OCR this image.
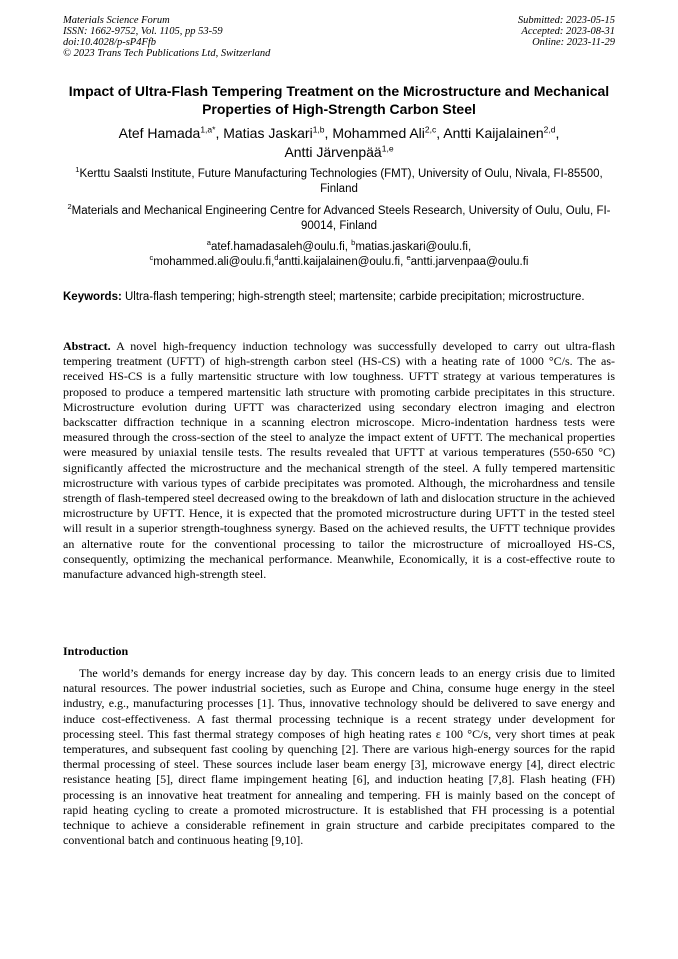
Materials Science Forum
ISSN: 1662-9752, Vol. 1105, pp 53-59
doi:10.4028/p-sP4Ffb
© 2023 Trans Tech Publications Ltd, Switzerland
Submitted: 2023-05-15
Accepted: 2023-08-31
Online: 2023-11-29
Impact of Ultra-Flash Tempering Treatment on the Microstructure and Mechanical Properties of High-Strength Carbon Steel
Atef Hamada$^{1,a*}$, Matias Jaskari$^{1,b}$, Mohammed Ali$^{2,c}$, Antti Kaijalainen$^{2,d}$,
Antti Järvenpää$^{1,e}$
$^1$Kerttu Saalsti Institute, Future Manufacturing Technologies (FMT), University of Oulu, Nivala, FI-85500, Finland
$^2$Materials and Mechanical Engineering Centre for Advanced Steels Research, University of Oulu, Oulu, FI-90014, Finland
$^a$atef.hamadasaleh@oulu.fi, $^b$matias.jaskari@oulu.fi,
$^c$mohammed.ali@oulu.fi,$^d$antti.kaijalainen@oulu.fi, $^e$antti.jarvenpaa@oulu.fi
Keywords: Ultra-flash tempering; high-strength steel; martensite; carbide precipitation; microstructure.
Abstract. A novel high-frequency induction technology was successfully developed to carry out ultra-flash tempering treatment (UFTT) of high-strength carbon steel (HS-CS) with a heating rate of 1000 °C/s. The as-received HS-CS is a fully martensitic structure with low toughness. UFTT strategy at various temperatures is proposed to produce a tempered martensitic lath structure with promoting carbide precipitates in this structure. Microstructure evolution during UFTT was characterized using secondary electron imaging and electron backscatter diffraction technique in a scanning electron microscope. Micro-indentation hardness tests were measured through the cross-section of the steel to analyze the impact extent of UFTT. The mechanical properties were measured by uniaxial tensile tests. The results revealed that UFTT at various temperatures (550-650 °C) significantly affected the microstructure and the mechanical strength of the steel. A fully tempered martensitic microstructure with various types of carbide precipitates was promoted. Although, the microhardness and tensile strength of flash-tempered steel decreased owing to the breakdown of lath and dislocation structure in the achieved microstructure by UFTT. Hence, it is expected that the promoted microstructure during UFTT in the tested steel will result in a superior strength-toughness synergy. Based on the achieved results, the UFTT technique provides an alternative route for the conventional processing to tailor the microstructure of microalloyed HS-CS, consequently, optimizing the mechanical performance. Meanwhile, Economically, it is a cost-effective route to manufacture advanced high-strength steel.
Introduction
The world’s demands for energy increase day by day. This concern leads to an energy crisis due to limited natural resources. The power industrial societies, such as Europe and China, consume huge energy in the steel industry, e.g., manufacturing processes [1]. Thus, innovative technology should be delivered to save energy and induce cost-effectiveness. A fast thermal processing technique is a recent strategy under development for processing steel. This fast thermal strategy composes of high heating rates ε 100 °C/s, very short times at peak temperatures, and subsequent fast cooling by quenching [2]. There are various high-energy sources for the rapid thermal processing of steel. These sources include laser beam energy [3], microwave energy [4], direct electric resistance heating [5], direct flame impingement heating [6], and induction heating [7,8]. Flash heating (FH) processing is an innovative heat treatment for annealing and tempering. FH is mainly based on the concept of rapid heating cycling to create a promoted microstructure. It is established that FH processing is a potential technique to achieve a considerable refinement in grain structure and carbide precipitates compared to the conventional batch and continuous heating [9,10].
